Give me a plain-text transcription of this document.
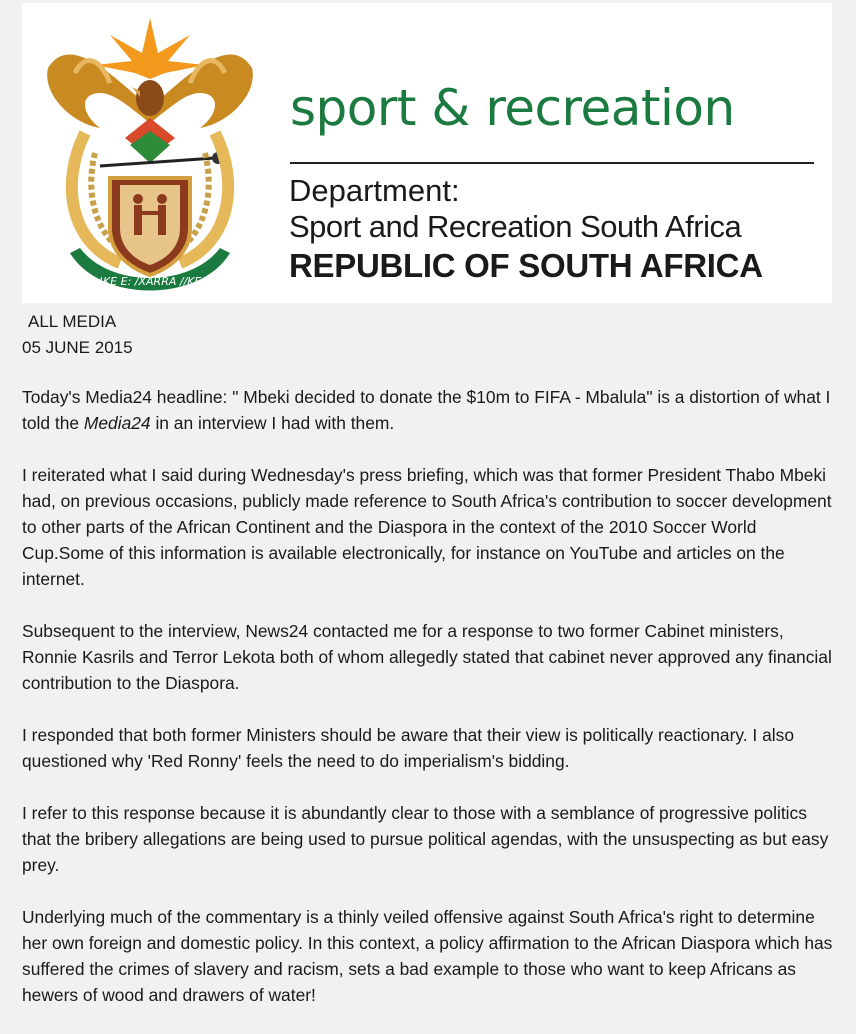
!KE E: /XARRA //KE
sport & recreation
Department:
Sport and Recreation South Africa
REPUBLIC OF SOUTH AFRICA
ALL MEDIA
05 JUNE 2015

Today's Media24 headline: " Mbeki decided to donate the $10m to FIFA - Mbalula" is a distortion of what I told the Media24 in an interview I had with them.

I reiterated what I said during Wednesday's press briefing, which was that former President Thabo Mbeki had, on previous occasions, publicly made reference to South Africa's contribution to soccer development to other parts of the African Continent and the Diaspora in the context of the 2010 Soccer World Cup.Some of this information is available electronically, for instance on YouTube and articles on the internet.

Subsequent to the interview, News24 contacted me for a response to two former Cabinet ministers, Ronnie Kasrils and Terror Lekota both of whom allegedly stated that cabinet never approved any financial contribution to the Diaspora.

I responded that both former Ministers should be aware that their view is politically reactionary. I also questioned why 'Red Ronny' feels the need to do imperialism's bidding.

I refer to this response because it is abundantly clear to those with a semblance of progressive politics that the bribery allegations are being used to pursue political agendas, with the unsuspecting as but easy prey.

Underlying much of the commentary is a thinly veiled offensive against South Africa's right to determine her own foreign and domestic policy. In this context, a policy affirmation to the African Diaspora which has suffered the crimes of slavery and racism, sets a bad example to those who want to keep Africans as hewers of wood and drawers of water!
